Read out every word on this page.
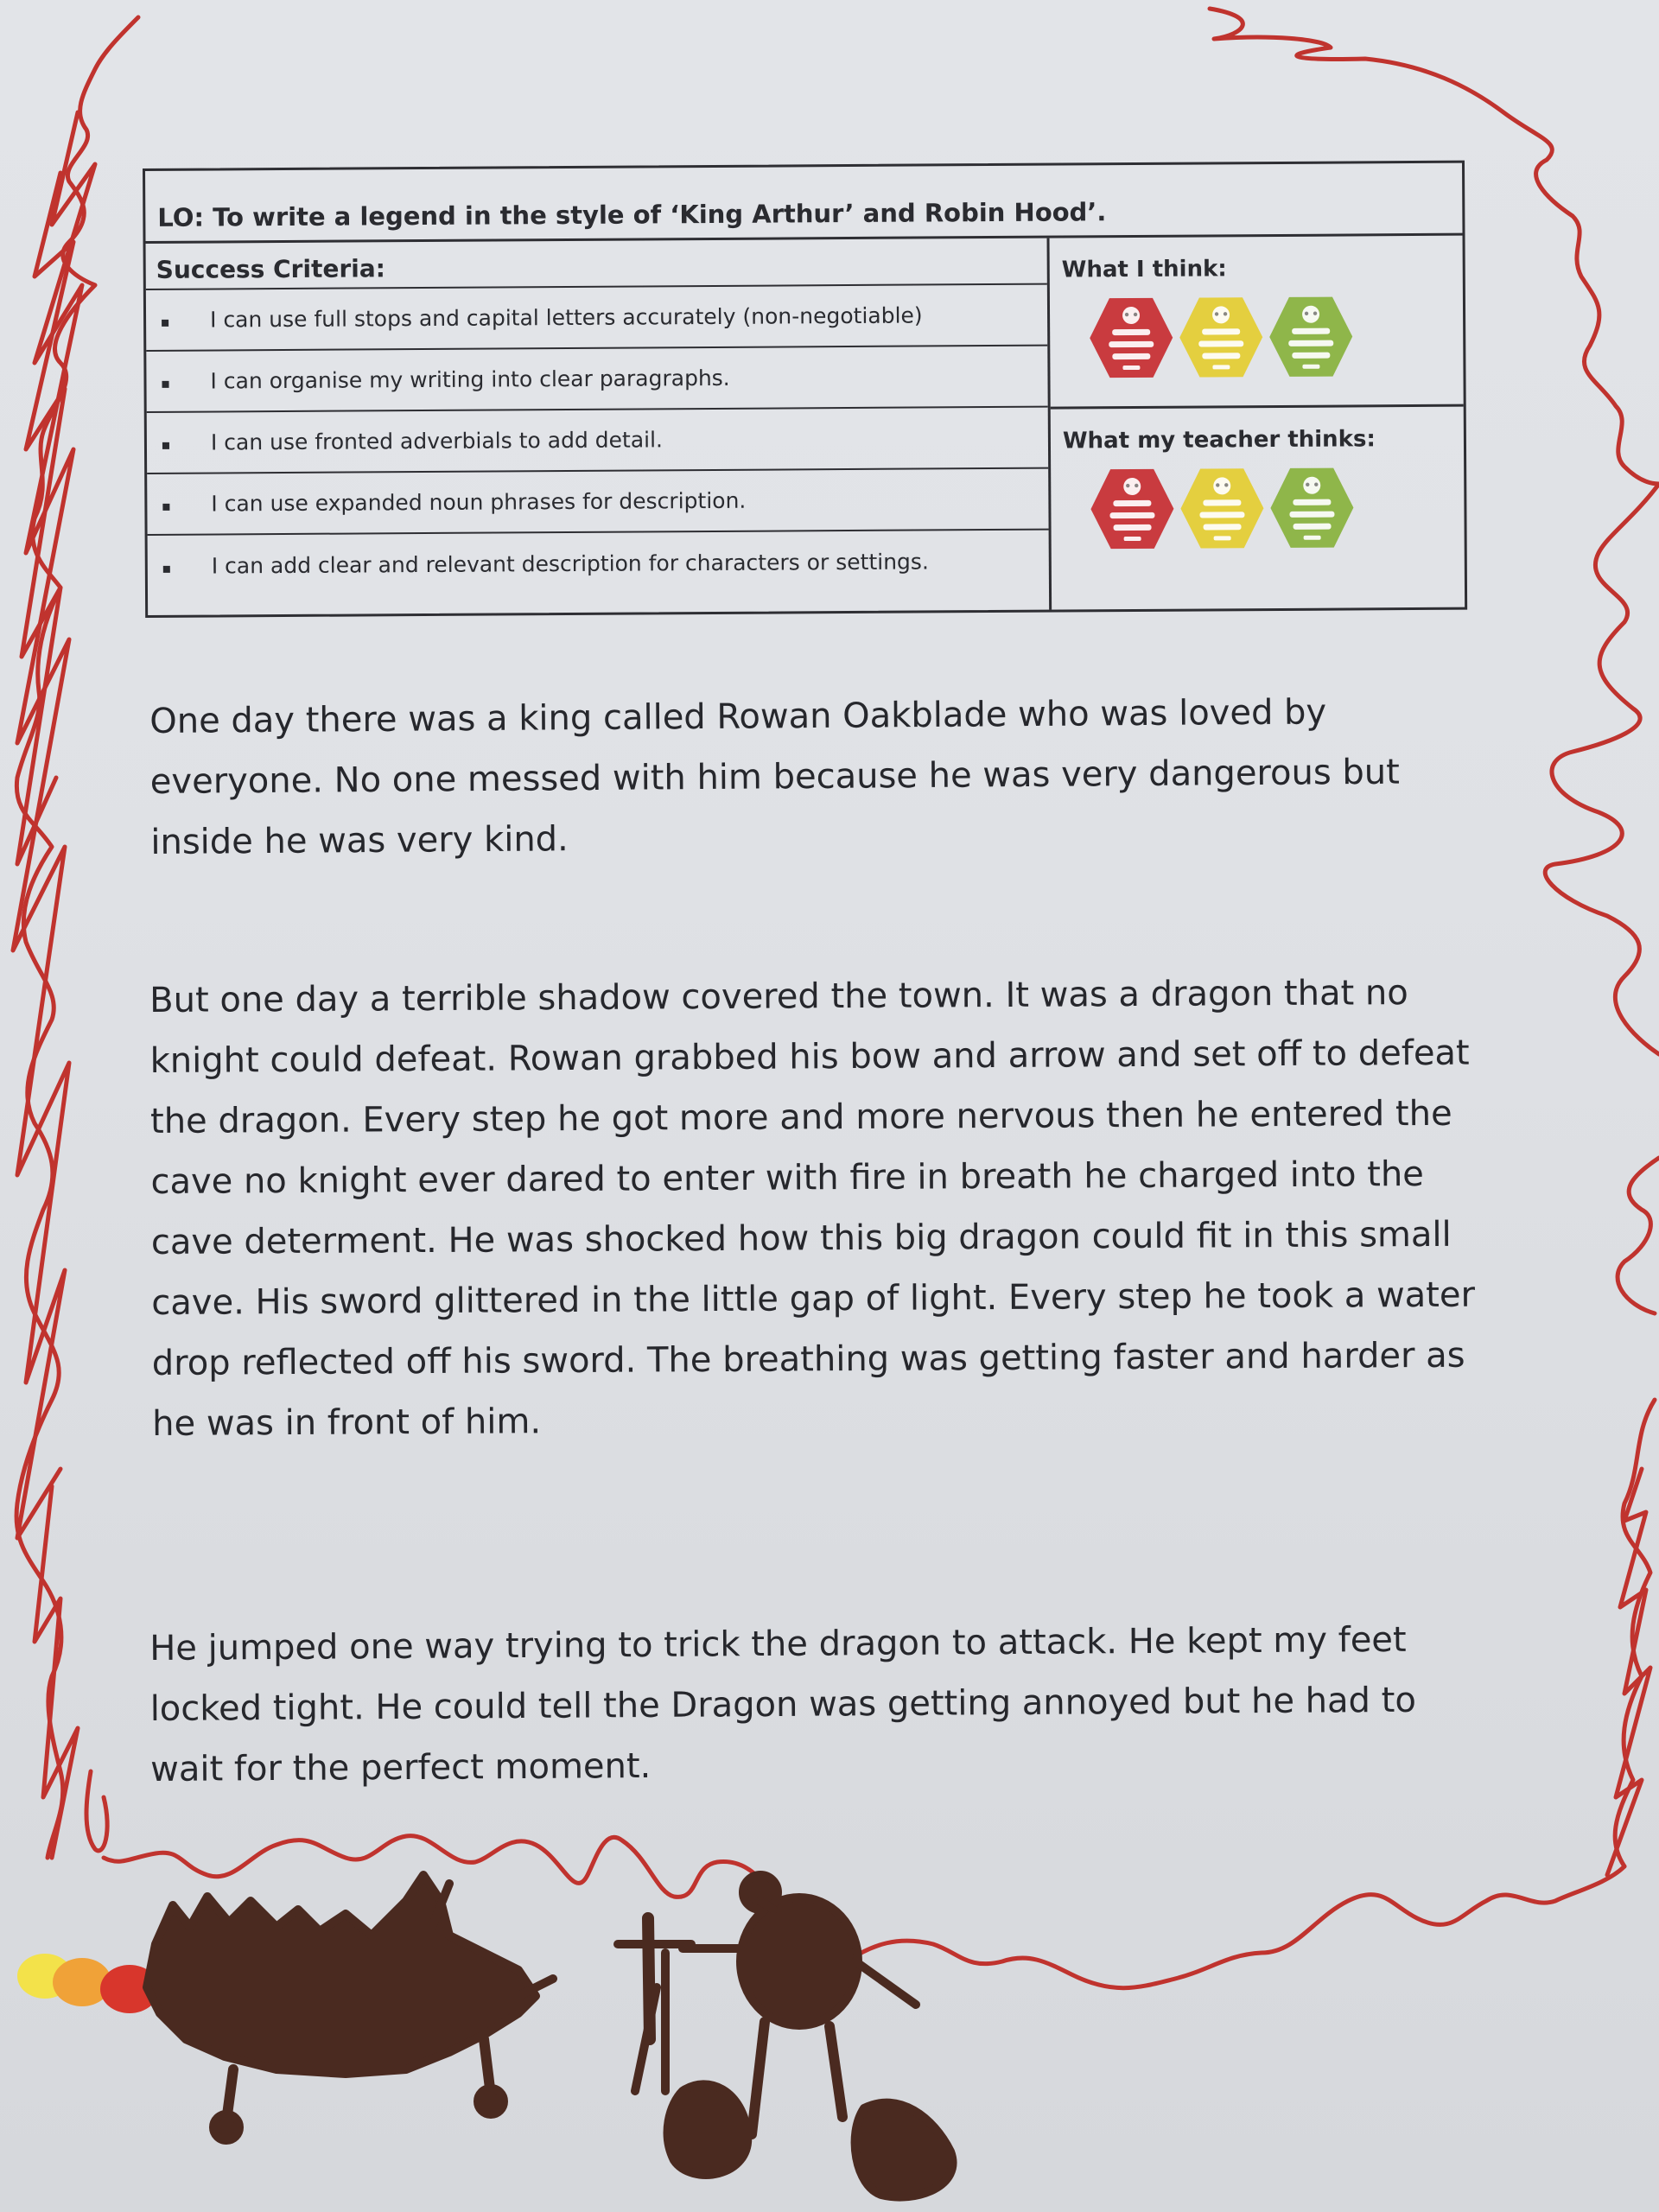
LO: To write a legend in the style of ‘King Arthur’ and Robin Hood’.
Success Criteria:
I can use full stops and capital letters accurately (non-negotiable)
I can organise my writing into clear paragraphs.
I can use fronted adverbials to add detail.
I can use expanded noun phrases for description.
I can add clear and relevant description for characters or settings.
What I think:
What my teacher thinks:

One day there was a king called Rowan Oakblade who was loved by everyone. No one messed with him because he was very dangerous but inside he was very kind.

But one day a terrible shadow covered the town. It was a dragon that no knight could defeat. Rowan grabbed his bow and arrow and set off to defeat the dragon. Every step he got more and more nervous then he entered the cave no knight ever dared to enter with fire in breath he charged into the cave determent. He was shocked how this big dragon could fit in this small cave. His sword glittered in the little gap of light. Every step he took a water drop reflected off his sword. The breathing was getting faster and harder as he was in front of him.

He jumped one way trying to trick the dragon to attack. He kept my feet locked tight. He could tell the Dragon was getting annoyed but he had to wait for the perfect moment.
